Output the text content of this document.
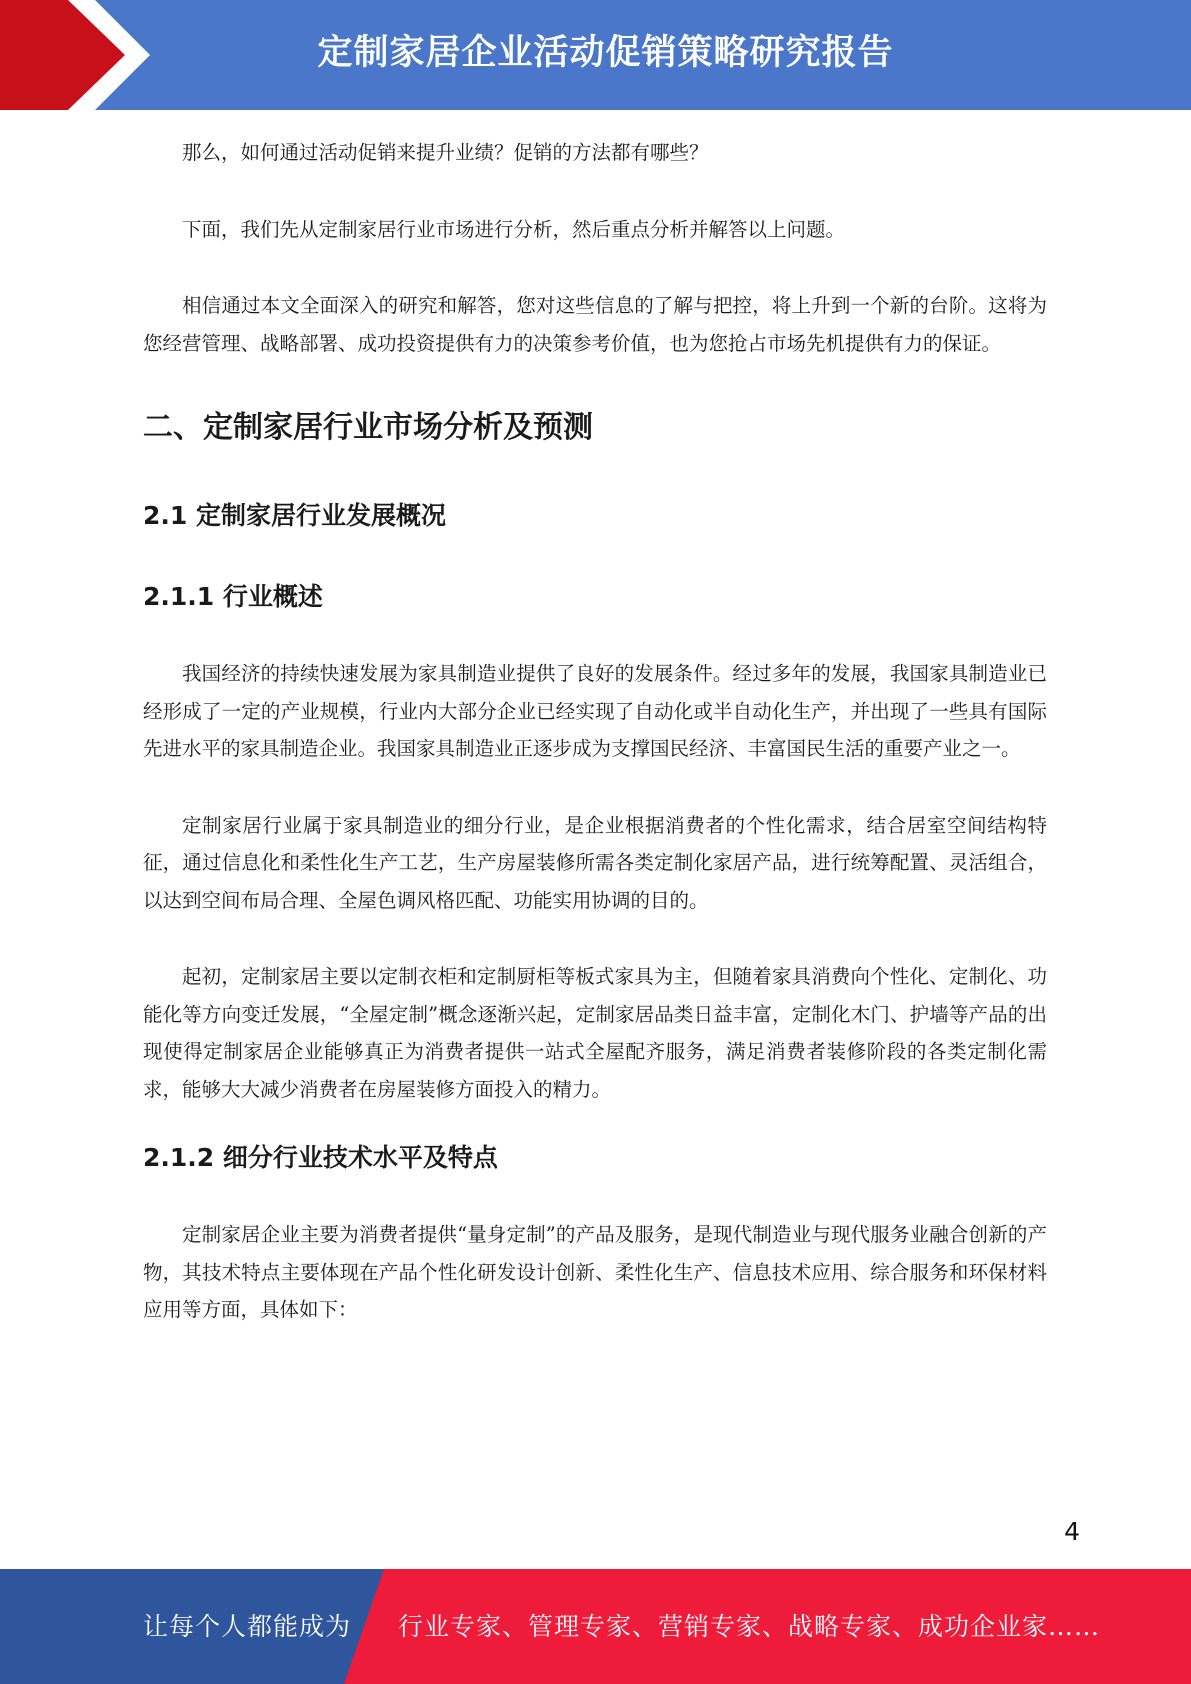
定制家居企业活动促销策略研究报告

那么，如何通过活动促销来提升业绩？促销的方法都有哪些？

下面，我们先从定制家居行业市场进行分析，然后重点分析并解答以上问题。

相信通过本文全面深入的研究和解答，您对这些信息的了解与把控，将上升到一个新的台阶。这将为您经营管理、战略部署、成功投资提供有力的决策参考价值，也为您抢占市场先机提供有力的保证。

二、定制家居行业市场分析及预测
2.1 定制家居行业发展概况
2.1.1 行业概述

我国经济的持续快速发展为家具制造业提供了良好的发展条件。经过多年的发展，我国家具制造业已经形成了一定的产业规模，行业内大部分企业已经实现了自动化或半自动化生产，并出现了一些具有国际先进水平的家具制造企业。我国家具制造业正逐步成为支撑国民经济、丰富国民生活的重要产业之一。

定制家居行业属于家具制造业的细分行业，是企业根据消费者的个性化需求，结合居室空间结构特征，通过信息化和柔性化生产工艺，生产房屋装修所需各类定制化家居产品，进行统筹配置、灵活组合，以达到空间布局合理、全屋色调风格匹配、功能实用协调的目的。

起初，定制家居主要以定制衣柜和定制厨柜等板式家具为主，但随着家具消费向个性化、定制化、功能化等方向变迁发展，“全屋定制”概念逐渐兴起，定制家居品类日益丰富，定制化木门、护墙等产品的出现使得定制家居企业能够真正为消费者提供一站式全屋配齐服务，满足消费者装修阶段的各类定制化需求，能够大大减少消费者在房屋装修方面投入的精力。

2.1.2 细分行业技术水平及特点

定制家居企业主要为消费者提供“量身定制”的产品及服务，是现代制造业与现代服务业融合创新的产物，其技术特点主要体现在产品个性化研发设计创新、柔性化生产、信息技术应用、综合服务和环保材料应用等方面，具体如下：

4
让每个人都能成为 行业专家、管理专家、营销专家、战略专家、成功企业家……
